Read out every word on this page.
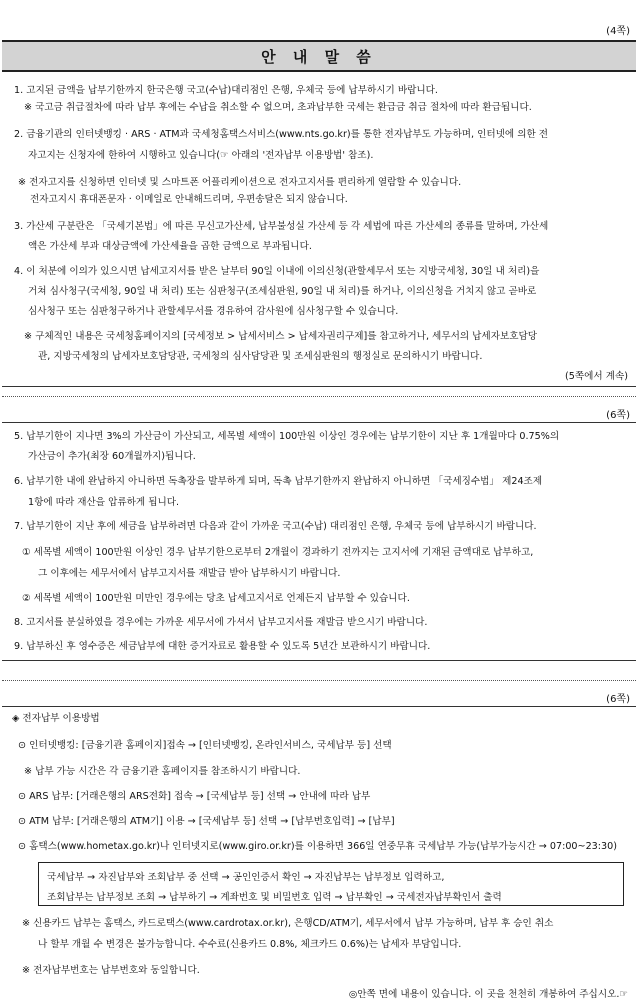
(4쪽)
안 내 말 씀
1. 고지된 금액을 납부기한까지 한국은행 국고(수납)대리점인 은행, 우체국 등에 납부하시기 바랍니다.
※ 국고금 취급절차에 따라 납부 후에는 수납을 취소할 수 없으며, 초과납부한 국세는 환급금 취급 절차에 따라 환급됩니다.
2. 금융기관의 인터넷뱅킹 · ARS · ATM과 국세청홈택스서비스(www.nts.go.kr)를 통한 전자납부도 가능하며, 인터넷에 의한 전
자고지는 신청자에 한하여 시행하고 있습니다(☞ 아래의 '전자납부 이용방법' 참조).
※ 전자고지를 신청하면 인터넷 및 스마트폰 어플리케이션으로 전자고지서를 편리하게 열람할 수 있습니다.
전자고지시 휴대폰문자 · 이메일로 안내해드리며, 우편송달은 되지 않습니다.
3. 가산세 구분란은 「국세기본법」에 따른 무신고가산세, 납부불성실 가산세 등 각 세법에 따른 가산세의 종류를 말하며, 가산세
액은 가산세 부과 대상금액에 가산세율을 곱한 금액으로 부과됩니다.
4. 이 처분에 이의가 있으시면 납세고지서를 받은 날부터 90일 이내에 이의신청(관할세무서 또는 지방국세청, 30일 내 처리)을
거쳐 심사청구(국세청, 90일 내 처리) 또는 심판청구(조세심판원, 90일 내 처리)를 하거나, 이의신청을 거치지 않고 곧바로
심사청구 또는 심판청구하거나 관할세무서를 경유하여 감사원에 심사청구할 수 있습니다.
※ 구체적인 내용은 국세청홈페이지의 [국세정보 > 납세서비스 > 납세자권리구제]를 참고하거나, 세무서의 납세자보호담당
관, 지방국세청의 납세자보호담당관, 국세청의 심사담당관 및 조세심판원의 행정실로 문의하시기 바랍니다.
(5쪽에서 계속)
(6쪽)
5. 납부기한이 지나면 3%의 가산금이 가산되고, 세목별 세액이 100만원 이상인 경우에는 납부기한이 지난 후 1개월마다 0.75%의
가산금이 추가(최장 60개월까지)됩니다.
6. 납부기한 내에 완납하지 아니하면 독촉장을 발부하게 되며, 독촉 납부기한까지 완납하지 아니하면 「국세징수법」 제24조제
1항에 따라 재산을 압류하게 됩니다.
7. 납부기한이 지난 후에 세금을 납부하려면 다음과 같이 가까운 국고(수납) 대리점인 은행, 우체국 등에 납부하시기 바랍니다.
① 세목별 세액이 100만원 이상인 경우 납부기한으로부터 2개월이 경과하기 전까지는 고지서에 기재된 금액대로 납부하고,
그 이후에는 세무서에서 납부고지서를 재발급 받아 납부하시기 바랍니다.
② 세목별 세액이 100만원 미만인 경우에는 당초 납세고지서로 언제든지 납부할 수 있습니다.
8. 고지서를 분실하였을 경우에는 가까운 세무서에 가셔서 납부고지서를 재발급 받으시기 바랍니다.
9. 납부하신 후 영수증은 세금납부에 대한 증거자료로 활용할 수 있도록 5년간 보관하시기 바랍니다.
(6쪽)
◈ 전자납부 이용방법
⊙ 인터넷뱅킹: [금융기관 홈페이지]접속 → [인터넷뱅킹, 온라인서비스, 국세납부 등] 선택
※ 납부 가능 시간은 각 금융기관 홈페이지를 참조하시기 바랍니다.
⊙ ARS 납부: [거래은행의 ARS전화] 접속 → [국세납부 등] 선택 → 안내에 따라 납부
⊙ ATM 납부: [거래은행의 ATM기] 이용 → [국세납부 등] 선택 → [납부번호입력] → [납부]
⊙ 홈택스(www.hometax.go.kr)나 인터넷지로(www.giro.or.kr)를 이용하면 366일 연중무휴 국세납부 가능(납부가능시간 → 07:00~23:30)
국세납부 → 자진납부와 조회납부 중 선택 → 공인인증서 확인 → 자진납부는 납부정보 입력하고,
조회납부는 납부정보 조회 → 납부하기 → 계좌번호 및 비밀번호 입력 → 납부확인 → 국세전자납부확인서 출력
※ 신용카드 납부는 홈택스, 카드로택스(www.cardrotax.or.kr), 은행CD/ATM기, 세무서에서 납부 가능하며, 납부 후 승인 취소
나 할부 개월 수 변경은 불가능합니다. 수수료(신용카드 0.8%, 체크카드 0.6%)는 납세자 부담입니다.
※ 전자납부번호는 납부번호와 동일합니다.
◎안쪽 면에 내용이 있습니다. 이 곳을 천천히 개봉하여 주십시오.☞
